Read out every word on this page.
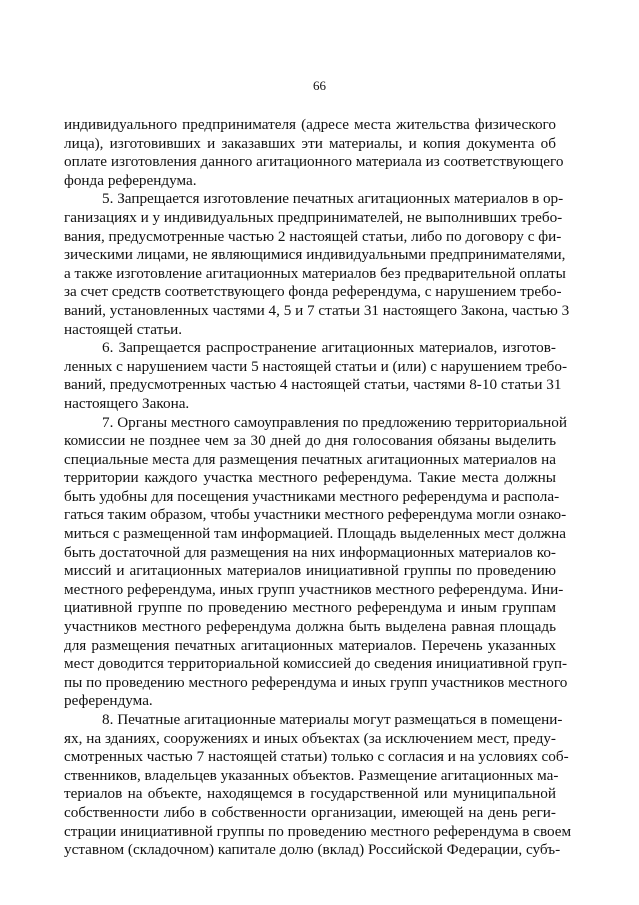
66
индивидуального предпринимателя (адресе места жительства физического
лица), изготовивших и заказавших эти материалы, и копия документа об
оплате изготовления данного агитационного материала из соответствующего
фонда референдума.
5. Запрещается изготовление печатных агитационных материалов в ор-
ганизациях и у индивидуальных предпринимателей, не выполнивших требо-
вания, предусмотренные частью 2 настоящей статьи, либо по договору с фи-
зическими лицами, не являющимися индивидуальными предпринимателями,
а также изготовление агитационных материалов без предварительной оплаты
за счет средств соответствующего фонда референдума, с нарушением требо-
ваний, установленных частями 4, 5 и 7 статьи 31 настоящего Закона, частью 3
настоящей статьи.
6. Запрещается распространение агитационных материалов, изготов-
ленных с нарушением части 5 настоящей статьи и (или) с нарушением требо-
ваний, предусмотренных частью 4 настоящей статьи, частями 8-10 статьи 31
настоящего Закона.
7. Органы местного самоуправления по предложению территориальной
комиссии не позднее чем за 30 дней до дня голосования обязаны выделить
специальные места для размещения печатных агитационных материалов на
территории каждого участка местного референдума. Такие места должны
быть удобны для посещения участниками местного референдума и распола-
гаться таким образом, чтобы участники местного референдума могли ознако-
миться с размещенной там информацией. Площадь выделенных мест должна
быть достаточной для размещения на них информационных материалов ко-
миссий и агитационных материалов инициативной группы по проведению
местного референдума, иных групп участников местного референдума. Ини-
циативной группе по проведению местного референдума и иным группам
участников местного референдума должна быть выделена равная площадь
для размещения печатных агитационных материалов. Перечень указанных
мест доводится территориальной комиссией до сведения инициативной груп-
пы по проведению местного референдума и иных групп участников местного
референдума.
8. Печатные агитационные материалы могут размещаться в помещени-
ях, на зданиях, сооружениях и иных объектах (за исключением мест, преду-
смотренных частью 7 настоящей статьи) только с согласия и на условиях соб-
ственников, владельцев указанных объектов. Размещение агитационных ма-
териалов на объекте, находящемся в государственной или муниципальной
собственности либо в собственности организации, имеющей на день реги-
страции инициативной группы по проведению местного референдума в своем
уставном (складочном) капитале долю (вклад) Российской Федерации, субъ-
